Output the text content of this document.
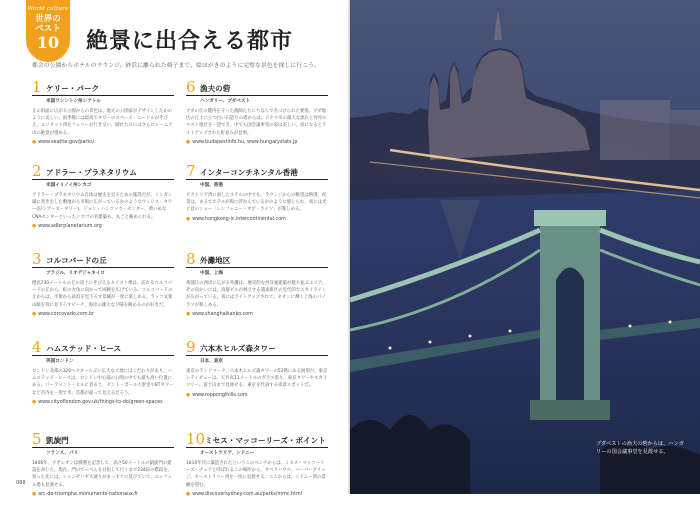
World culture
世界の
ベスト
10	絶景に出合える都市
都会の公園からホテルのラウンジ、砂浜に離られた椅子まで、絵はがきのように完璧な景色を探しに行こう。
1 ケリー・パーク
米国ワシントン州シアトル
丘の斜面に広がる公園からの景色は、地元の公園家がデザインしたかのように美しい。雨季後には最高でタワーのスペース・ニードルがそびえ、エリオット湾をフェリーが行き交い、晴れた日にはさらにレーニア山の絶景が望める。
● www.seattle.gov/parks/
2 アドラー・プラネタリウム
米国イリノイ州シカゴ
アドラー・プラネタリウム自体は歴史を見るための施設だが、ミシガン湖に突き出した敷地から市街に広がっているかのようなウィリス・タワー(旧シアーズ・タワー)、ジョン・ハンコック・センター、黄いめなCNAセンターといったシカゴの名建築も、丸ごと眺められる。
● www.adlerplanetarium.org
3 コルコバードの丘
ブラジル、リオデジャネイロ
標高730メートルの丘の頂上にそびえるキリスト像は、訪れるコルコバードの丘から、町の方角に向かって両腕を広げている。コルコバードの丘からは、市街から砂浜を見下ろす景観が一度に楽しめる。ラッコ文楽山脈を背に見下ろすビーチ、海岸の雄大な夕陽を眺めるのが好きだ。
● www.corcovado.com.br
4 ハムステッド・ヒース
英国ロンドン
ロンドン北部の320ヘクタールぶい広大な土地にはこだわりがあり、ハムステッド・ヒースは、ロンドン中心部の公園の中でも最も高い位置にある。パーラメント・ヒルに登ると、セント・ポール大聖堂やBTタワーなど市内を一望でき、首都が違って見えるだろう。
● www.cityoflondon.gov.uk/things-to-do/green-spaces
5 凱旋門
フランス、パリ
1806年、ナポレオンは戦勝を記念して、高さ50メートルの凱旋門の建設を命じた。現在、門のてっぺんを目指して行くまで234段の階段を、昇った先には、シャンゼリゼ大通りがまっすぐに延びていて、エッフェル塔も見渡せる。
● arc-de-triomphe.monuments-nationaux.fr
6 漁夫の砦
ハンガリー、ブダペスト
ブダの丘の麓内を守った漁師たちにちなんで名づけられた要塞。ブダ地区の丘上に立つ白い石造りの塔からは、ドナウ川の雄大な流れと対岸のペスト地区を一望でき、中でも国会議事堂の姿は美しい。夜になるとライトアップされた町並みが見事。
● www.budapestinfo.hu, www.hungarystats.jp
7 インターコンチネンタル香港
中国、香港
ビクトリア湾に面したホテルの中でも、ラウンジからの眺望は格別。夜景は、まるでホテルが海に浮かんでいるかのように感じられ、夜には光と音のショー「シンフォニー・オブ・ライツ」が楽しめる。
● www.hongkong-ic.intercontinental.com
8 外灘地区
中国、上海
黄浦江の西岸に広がる外灘は、歴史的な西洋風建築が建ち並ぶエリア。その向かいには、高層ビルが林立する浦東新区の近代的なスカイラインが広がっている。夜にはライトアップされて、ネオンに輝く上海のパノラマが楽しめる。
● www.shanghaikanko.com
9 六本木ヒルズ森タワー
日本、東京
東京のランドマーク、六本木ヒルズ森タワーの52階にある展望台、東京シティビューは、天井高11メートルのガラス張り。東京タワーやスカイツリー、富士山まで見渡せる、東京を代表する夜景スポットだ。
● www.roppongihills.com
10 ミセス・マッコーリーズ・ポイント
オーストラリア、シドニー
1810年代に築造されたというこのベンチからは、ミセス・マッコーリーズ・チェアと呼ばれるこの場所から、オペラハウス、ハーバーブリッジ、オーストラリー湾を一度に見渡せる。ここからは、シドニー湾の景観を望む。
● www.discoversydney.com.au/parks/mmc.html
088
ブダペストの漁夫の砦からは、ハンガリーの国会議事堂を見渡せる。
